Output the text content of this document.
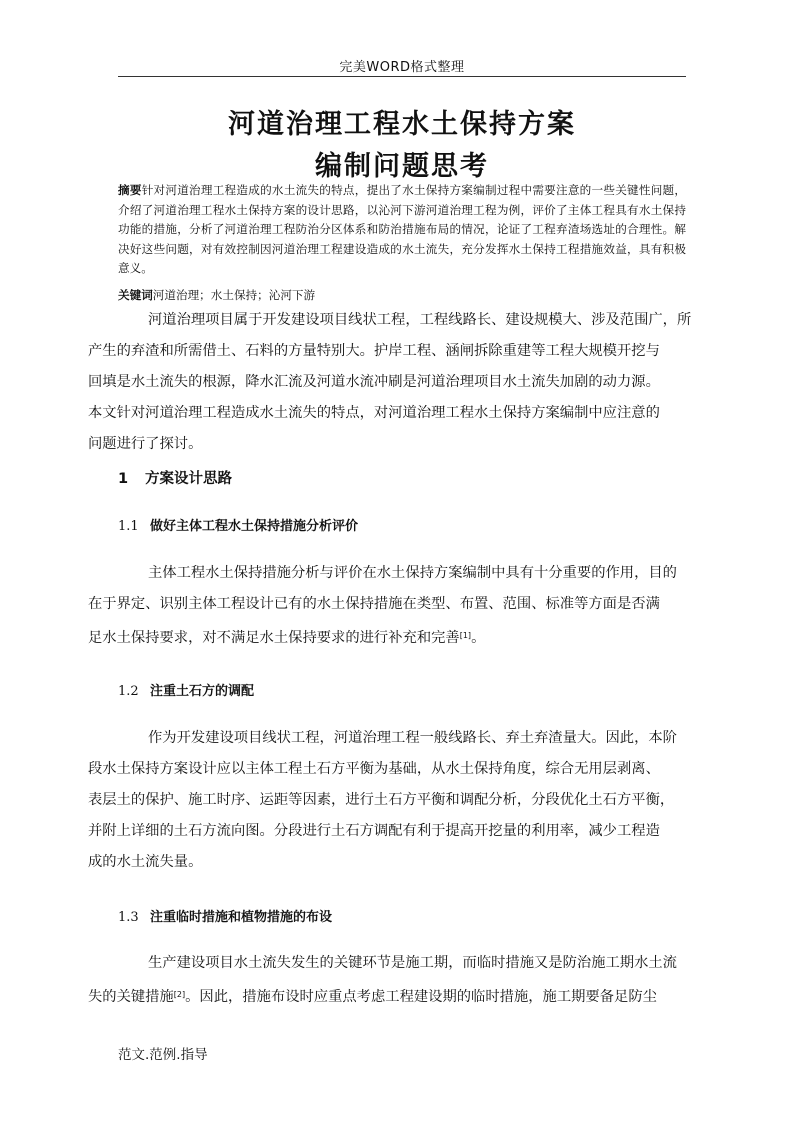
完美WORD格式整理
河道治理工程水土保持方案
编制问题思考
摘要针对河道治理工程造成的水土流失的特点，提出了水土保持方案编制过程中需要注意的一些关键性问题，介绍了河道治理工程水土保持方案的设计思路，以沁河下游河道治理工程为例，评价了主体工程具有水土保持功能的措施，分析了河道治理工程防治分区体系和防治措施布局的情况，论证了工程弃渣场选址的合理性。解决好这些问题，对有效控制因河道治理工程建设造成的水土流失，充分发挥水土保持工程措施效益，具有积极意义。
关键词河道治理；水土保持；沁河下游
河道治理项目属于开发建设项目线状工程，工程线路长、建设规模大、涉及范围广，所
产生的弃渣和所需借土、石料的方量特别大。护岸工程、涵闸拆除重建等工程大规模开挖与
回填是水土流失的根源，降水汇流及河道水流冲刷是河道治理项目水土流失加剧的动力源。
本文针对河道治理工程造成水土流失的特点，对河道治理工程水土保持方案编制中应注意的
问题进行了探讨。
1 方案设计思路
1.1 做好主体工程水土保持措施分析评价
主体工程水土保持措施分析与评价在水土保持方案编制中具有十分重要的作用，目的
在于界定、识别主体工程设计已有的水土保持措施在类型、布置、范围、标准等方面是否满
足水土保持要求，对不满足水土保持要求的进行补充和完善[1]。
1.2 注重土石方的调配
作为开发建设项目线状工程，河道治理工程一般线路长、弃土弃渣量大。因此，本阶
段水土保持方案设计应以主体工程土石方平衡为基础，从水土保持角度，综合无用层剥离、
表层土的保护、施工时序、运距等因素，进行土石方平衡和调配分析，分段优化土石方平衡，
并附上详细的土石方流向图。分段进行土石方调配有利于提高开挖量的利用率，减少工程造
成的水土流失量。
1.3 注重临时措施和植物措施的布设
生产建设项目水土流失发生的关键环节是施工期，而临时措施又是防治施工期水土流
失的关键措施[2]。因此，措施布设时应重点考虑工程建设期的临时措施，施工期要备足防尘
范文.范例.指导
